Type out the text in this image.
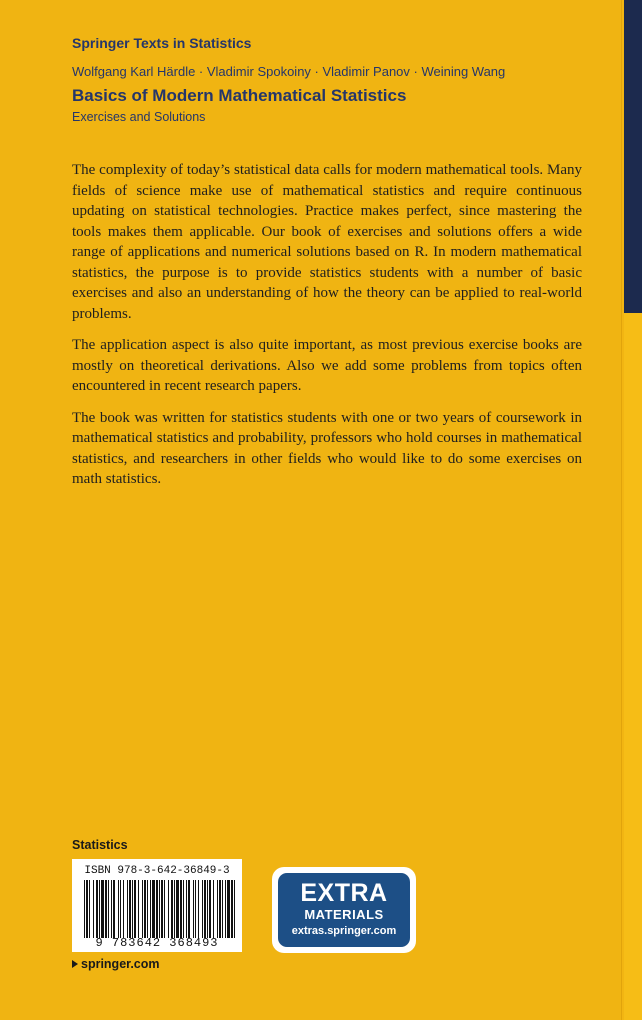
Springer Texts in Statistics
Wolfgang Karl Härdle · Vladimir Spokoiny · Vladimir Panov · Weining Wang
Basics of Modern Mathematical Statistics
Exercises and Solutions

The complexity of today’s statistical data calls for modern mathematical tools. Many fields of science make use of mathematical statistics and require continuous updating on statistical technologies. Practice makes perfect, since mastering the tools makes them applicable. Our book of exercises and solutions offers a wide range of applications and numerical solutions based on R. In modern mathematical statistics, the purpose is to provide statistics students with a number of basic exercises and also an understanding of how the theory can be applied to real-world problems.

The application aspect is also quite important, as most previous exercise books are mostly on theoretical derivations. Also we add some problems from topics often encountered in recent research papers.

The book was written for statistics students with one or two years of coursework in mathematical statistics and probability, professors who hold courses in mathematical statistics, and researchers in other fields who would like to do some exercises on math statistics.

Statistics
ISBN 978-3-642-36849-3
9 783642 368493
EXTRA
MATERIALS
extras.springer.com
springer.com
